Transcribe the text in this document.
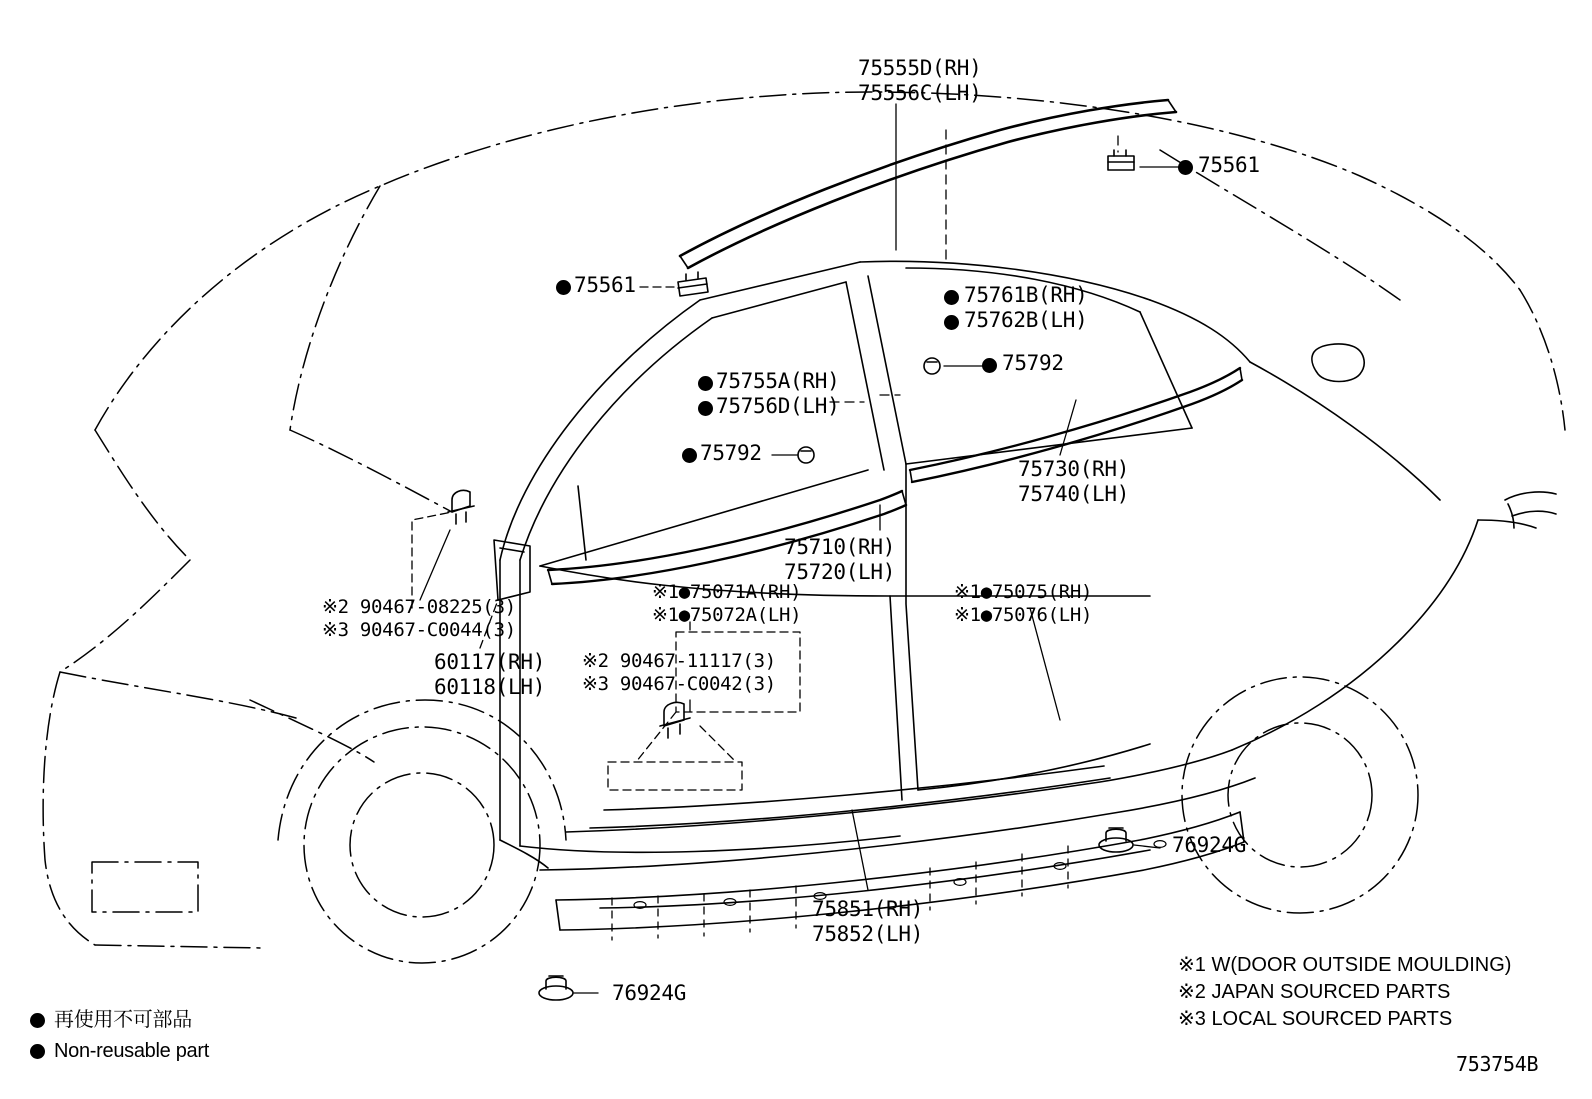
75555D(RH)
75556C(LH)
75561
75561	75761B(RH)
75762B(LH)
75792
75755A(RH)
75756D(LH)
75792
75730(RH)
75740(LH)
75710(RH)
75720(LH)
※1●75071A(RH)
※1●75072A(LH)
※1●75075(RH)
※1●75076(LH)
※2 90467-08225(3)
※3 90467-C0044(3)
60117(RH)
60118(LH)
※2 90467-11117(3)
※3 90467-C0042(3)
75851(RH)
75852(LH)
76924G
76924G
※1 W(DOOR OUTSIDE MOULDING)
※2 JAPAN SOURCED PARTS
※3 LOCAL SOURCED PARTS
再使用不可部品
Non-reusable part
753754B
